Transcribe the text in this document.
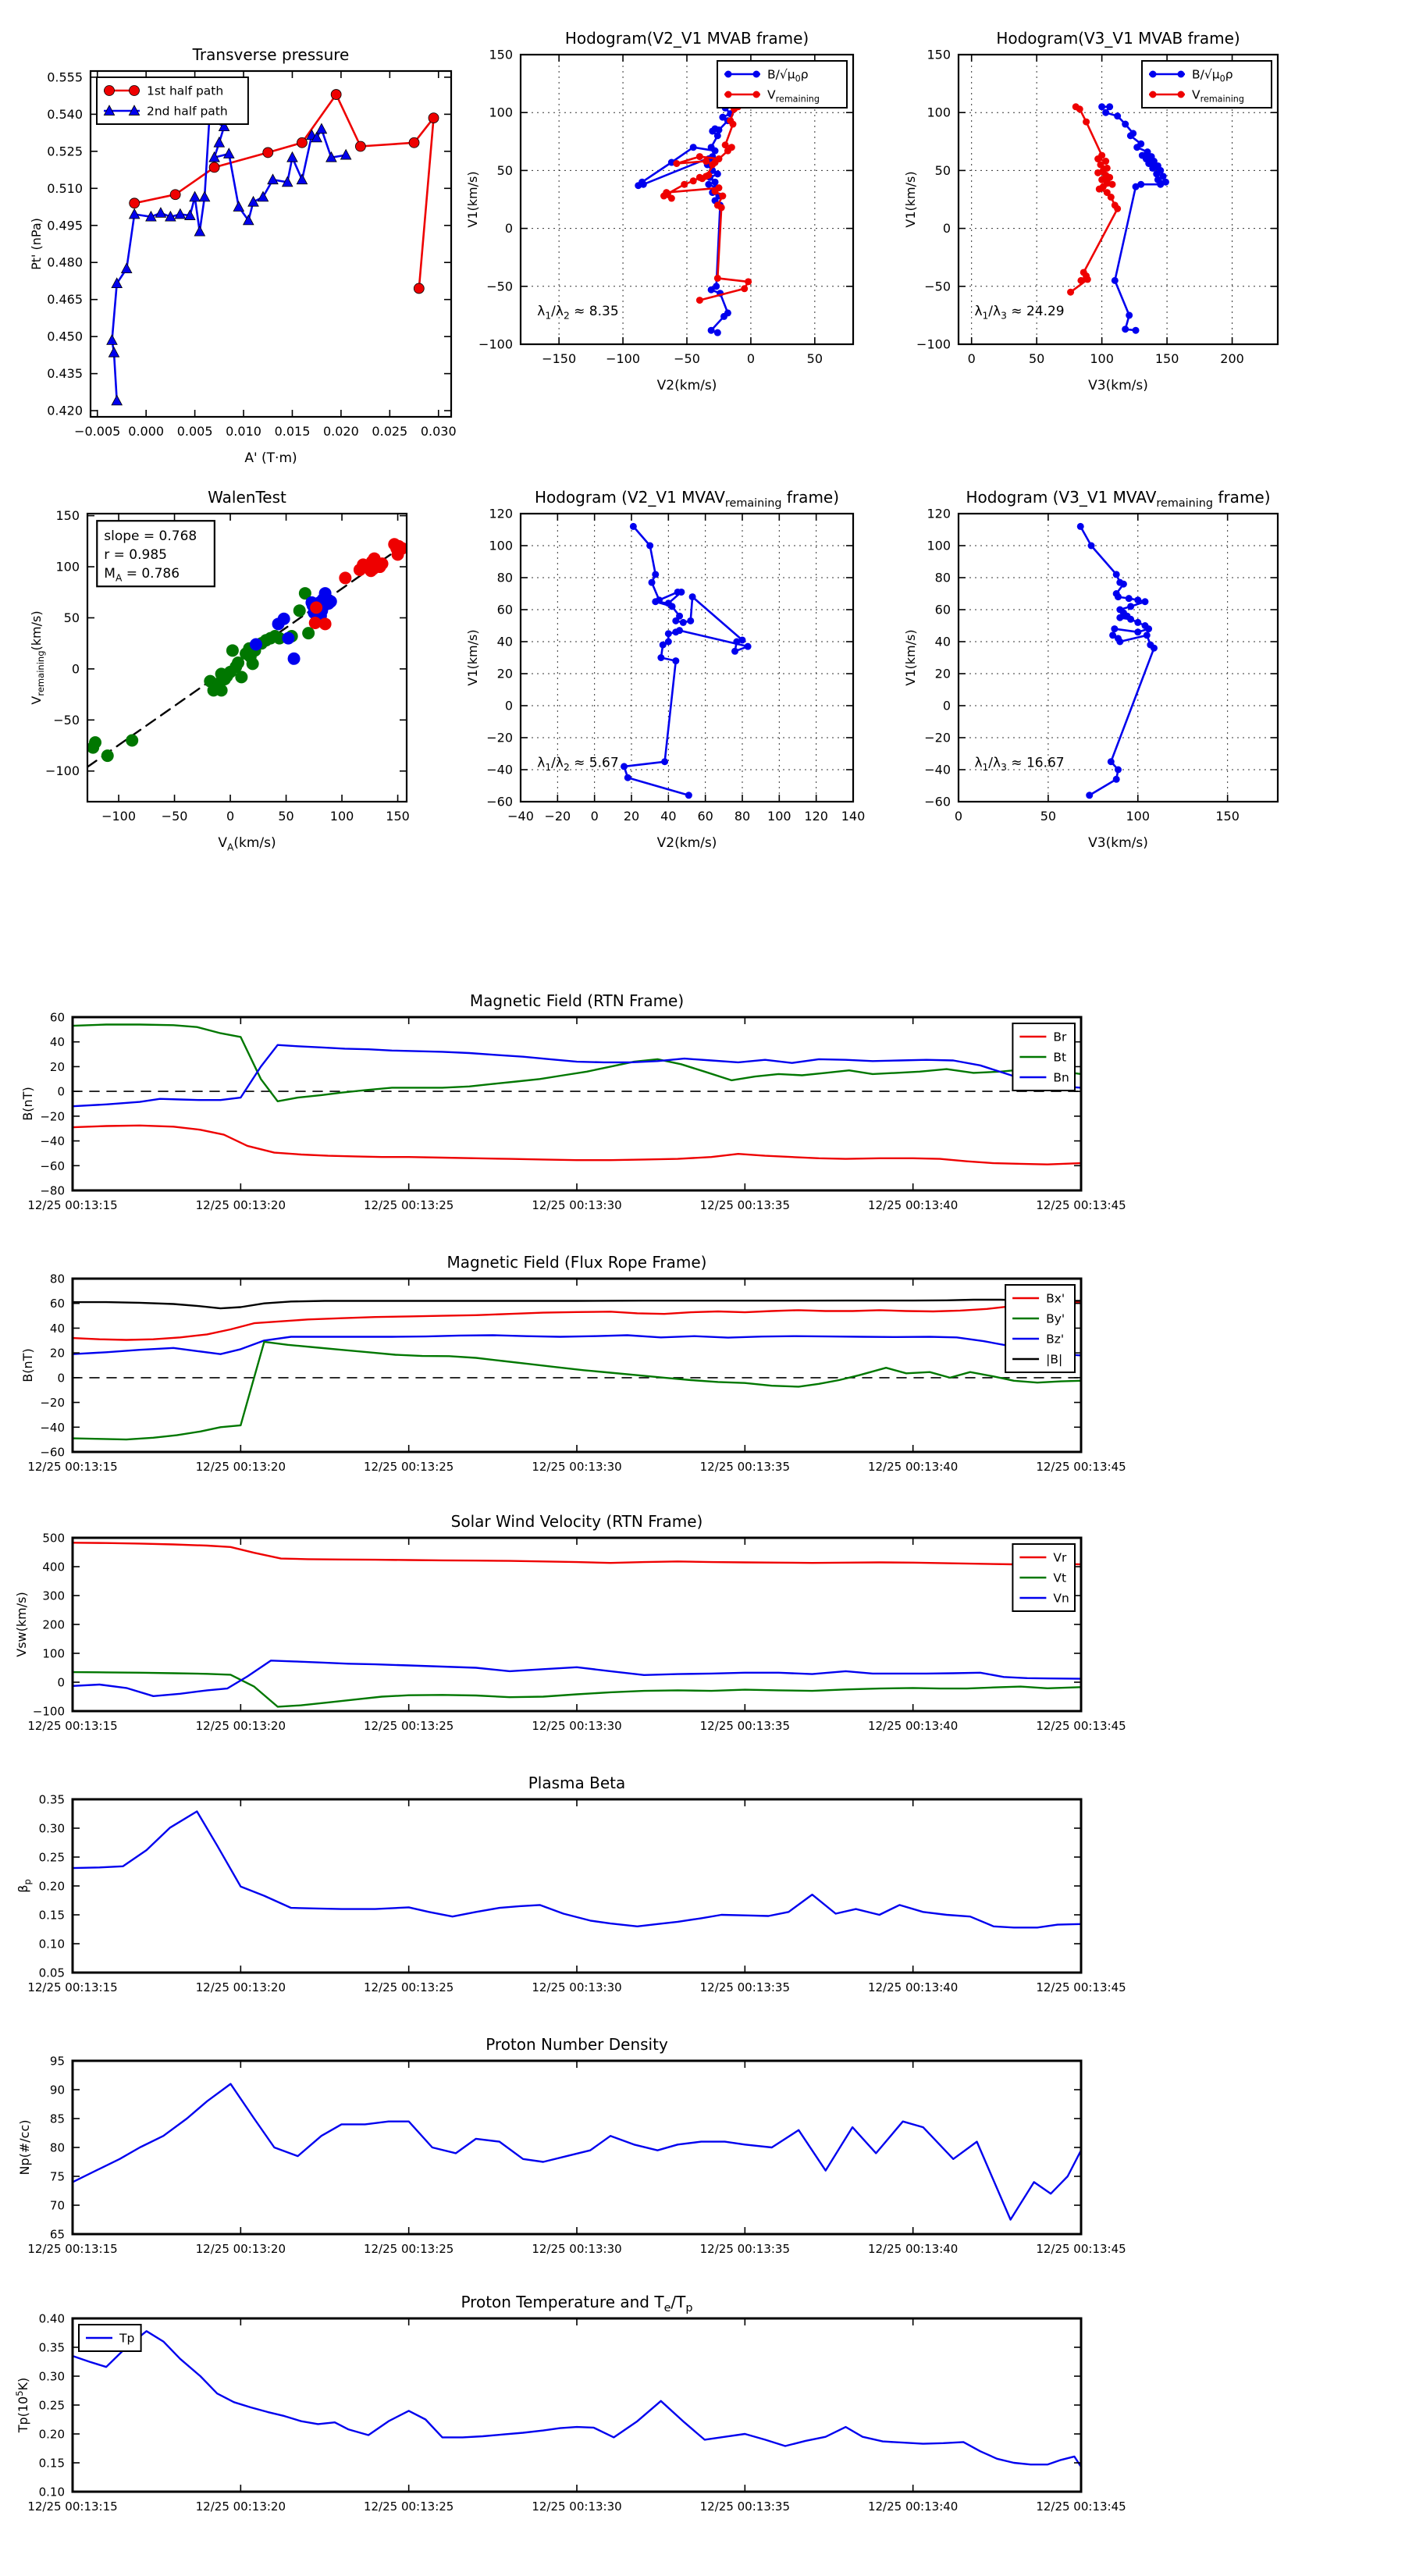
−0.005 0.000 0.005 0.010 0.015 0.020 0.025 0.030
0.420
0.435
0.450
0.465
0.480
0.495
0.510
0.525
0.540
0.555
Transverse pressure
A' (T·m)
Pt' (nPa)
1st half path
2nd half path
−150 −100	−50	0	50
−100
−50
0
50
100
150
Hodogram(V2_V1 MVAB frame)
V2(km/s)
V1(km/s)
$B/√\mu_0\rho$
$V_{remaining}$
$\lambda_1/\lambda_2 \approx 8.35$
0	50	100	150	200
−100
−50
0
50
100
150
Hodogram(V3_V1 MVAB frame)
V3(km/s)
V1(km/s)
$B/√\mu_0\rho$
$V_{remaining}$
$\lambda_1/\lambda_3 \approx 24.29$
−100 −50	0	50	100	150
−100
−50
0
50
100
150
WalenTest
$V_A(km/s)$
$V_{remaining}(km/s)$
slope = 0.768
r = 0.985
$M_A = 0.786$
−40 −20 0 20 40 60 80 100 120 140
−60
−40
−20
0
20
40
60
80
100
120
Hodogram (V2_V1 $MVAV_{remaining}$ frame)
V2(km/s)
V1(km/s)
$\lambda_1/\lambda_2 \approx 5.67$
0	50	100	150
−60
−40
−20
0
20
40
60
80
100
120
Hodogram (V3_V1 $MVAV_{remaining}$ frame)
V3(km/s)
V1(km/s)
$\lambda_1/\lambda_3 \approx 16.67$
12/25 00:13:15	12/25 00:13:20	12/25 00:13:25	12/25 00:13:30	12/25 00:13:35	12/25 00:13:40	12/25 00:13:45
−80
−60
−40
−20
0
20
40
60
Magnetic Field (RTN Frame)
B(nT)
Br
Bt
Bn
12/25 00:13:15	12/25 00:13:20	12/25 00:13:25	12/25 00:13:30	12/25 00:13:35	12/25 00:13:40	12/25 00:13:45
−60
−40
−20
0
20
40
60
80
Magnetic Field (Flux Rope Frame)
B(nT)
Bx'
By'
Bz'
|B|
12/25 00:13:15	12/25 00:13:20	12/25 00:13:25	12/25 00:13:30	12/25 00:13:35	12/25 00:13:40	12/25 00:13:45
−100
0
100
200
300
400
500
Solar Wind Velocity (RTN Frame)
Vsw(km/s)
Vr
Vt
Vn
12/25 00:13:15	12/25 00:13:20	12/25 00:13:25	12/25 00:13:30	12/25 00:13:35	12/25 00:13:40	12/25 00:13:45
0.05
0.10
0.15
0.20
0.25
0.30
0.35
Plasma Beta
$\beta_p$
12/25 00:13:15	12/25 00:13:20	12/25 00:13:25	12/25 00:13:30	12/25 00:13:35	12/25 00:13:40	12/25 00:13:45
65
70
75
80
85
90
95
Proton Number Density
Np(#/cc)
12/25 00:13:15	12/25 00:13:20	12/25 00:13:25	12/25 00:13:30	12/25 00:13:35	12/25 00:13:40	12/25 00:13:45
0.10
0.15
0.20
0.25
0.30
0.35
0.40
Proton Temperature and $T_e/T_p$
$Tp(10^5K)$
Tp
